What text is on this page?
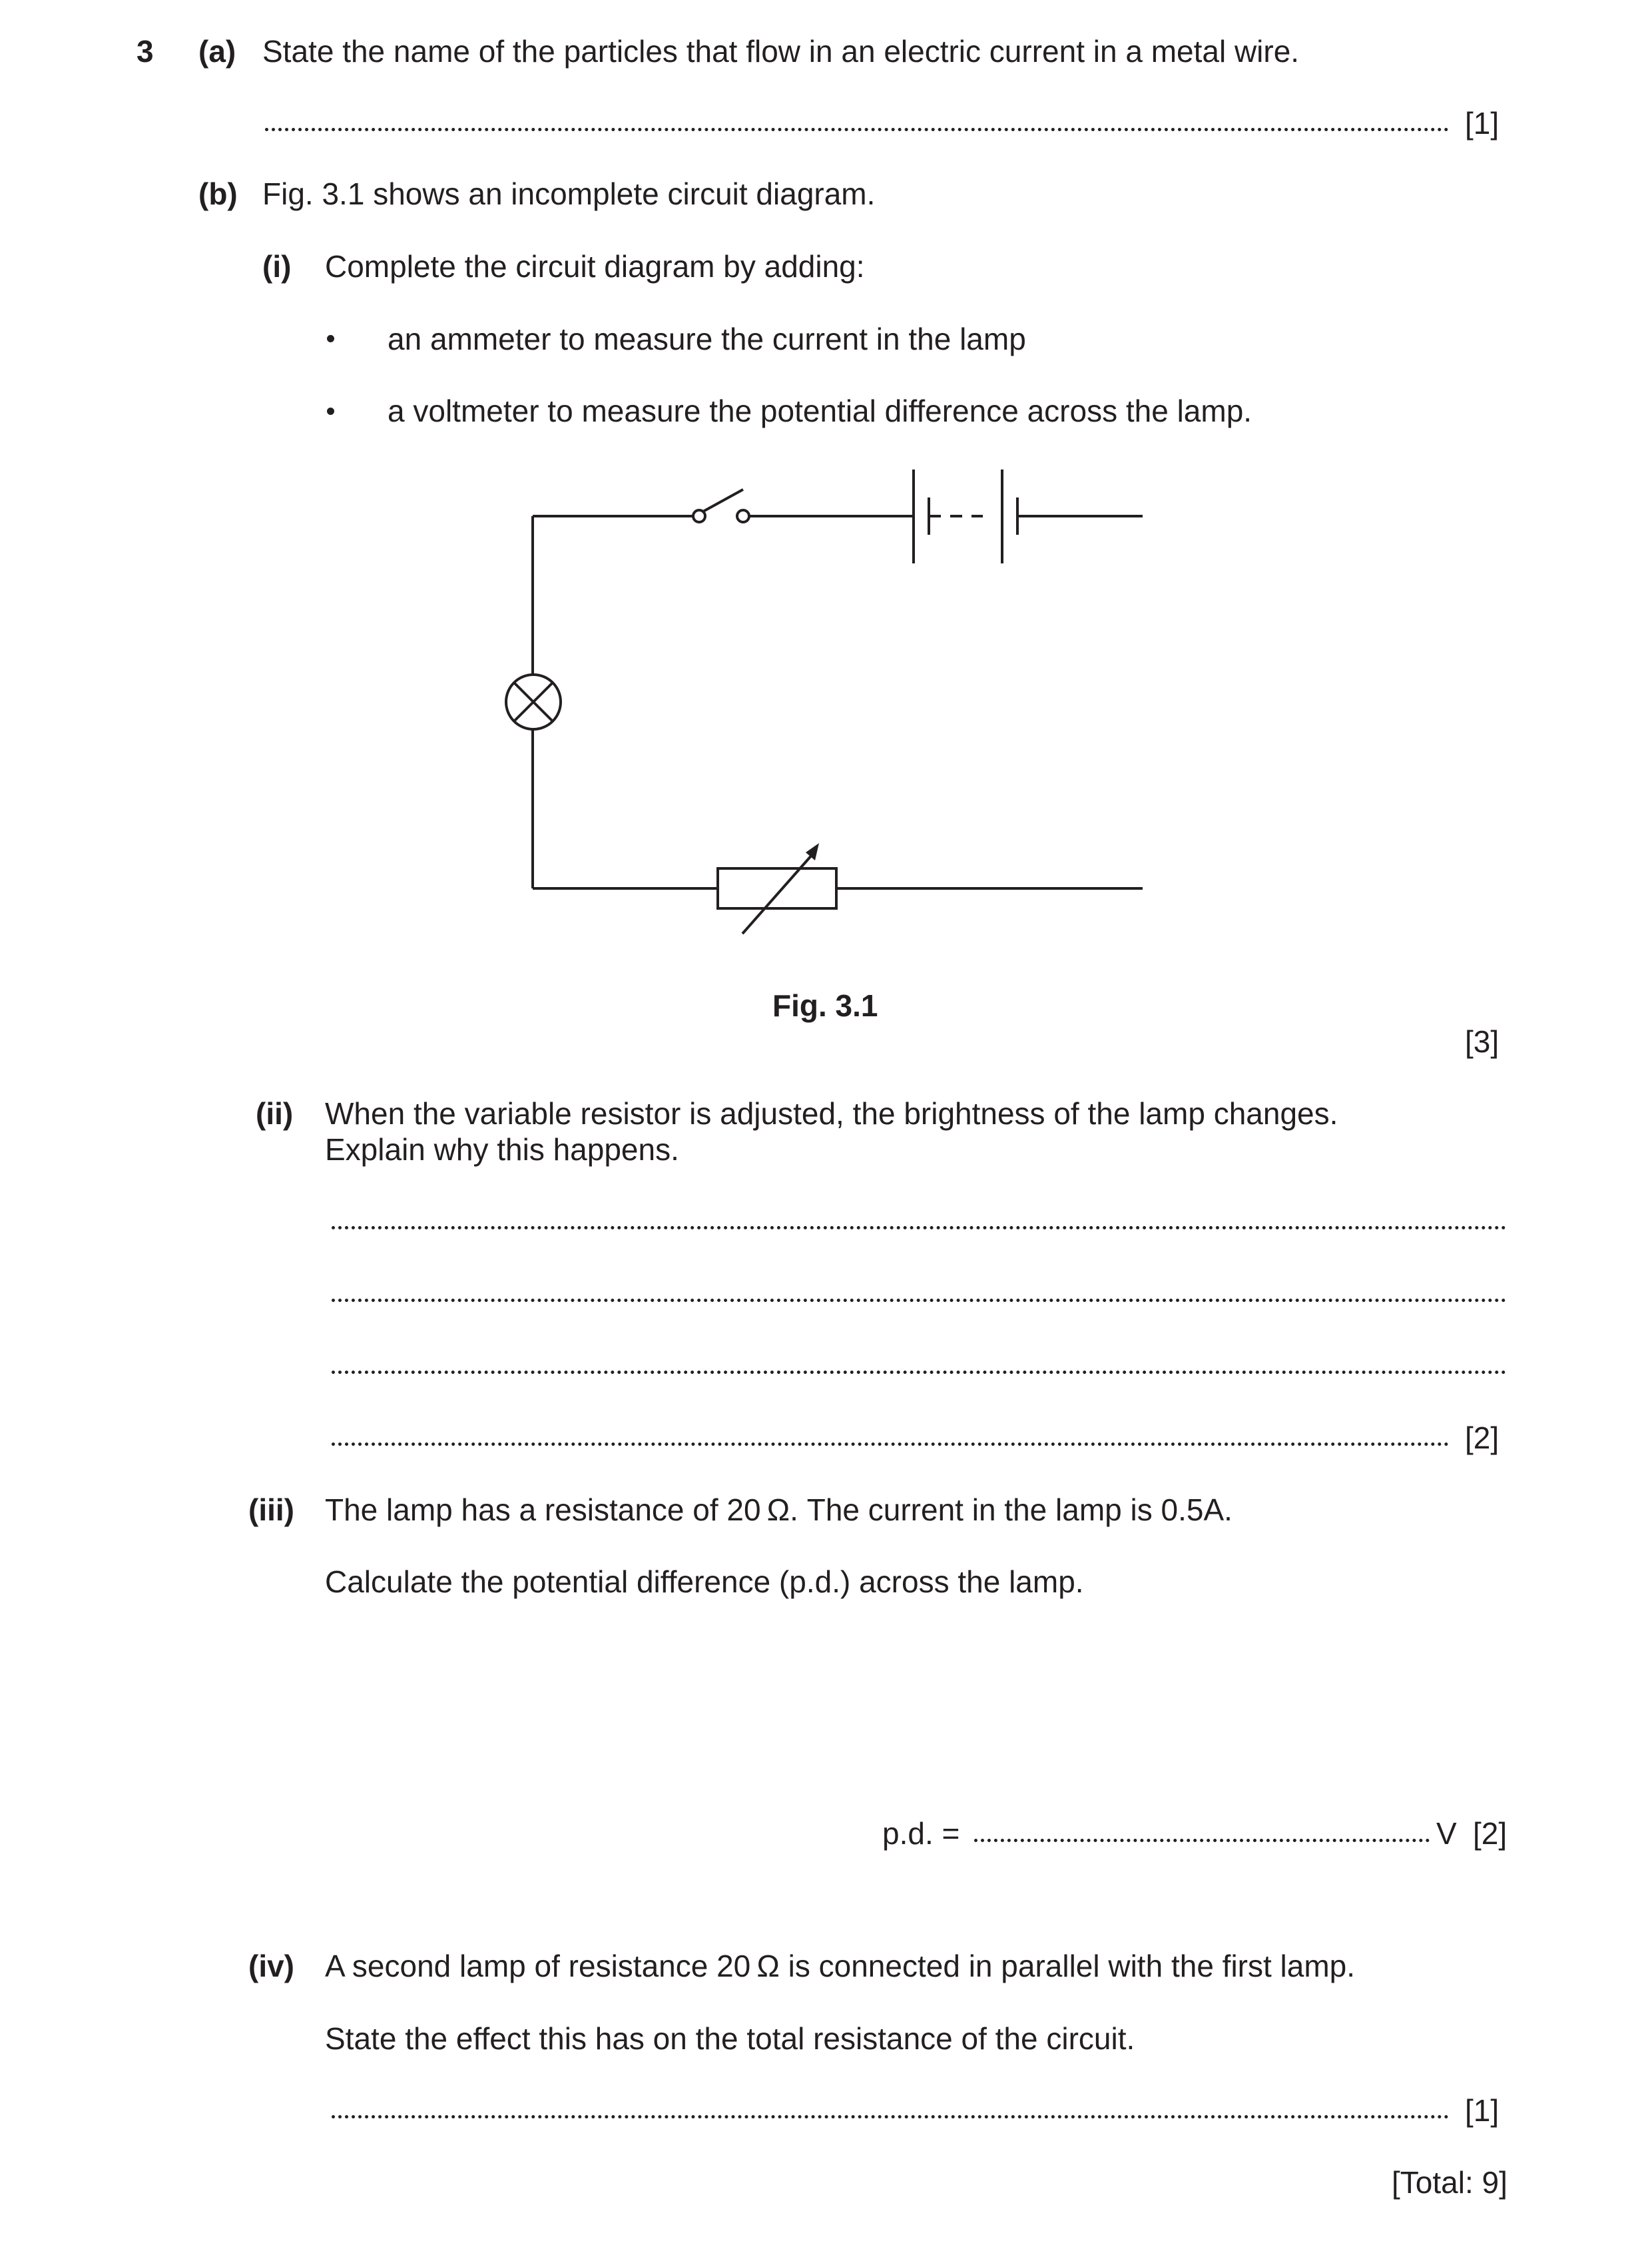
3 (a) State the name of the particles that flow in an electric current in a metal wire.
[1]
(b) Fig. 3.1 shows an incomplete circuit diagram.
(i) Complete the circuit diagram by adding:
an ammeter to measure the current in the lamp
a voltmeter to measure the potential difference across the lamp.
Fig. 3.1
[3]
(ii) When the variable resistor is adjusted, the brightness of the lamp changes.
Explain why this happens.
[2]
(iii) The lamp has a resistance of 20 Ω. The current in the lamp is 0.5A.
Calculate the potential difference (p.d.) across the lamp.
p.d. =	V [2]
(iv) A second lamp of resistance 20 Ω is connected in parallel with the first lamp.
State the effect this has on the total resistance of the circuit.
[1]
[Total: 9]
